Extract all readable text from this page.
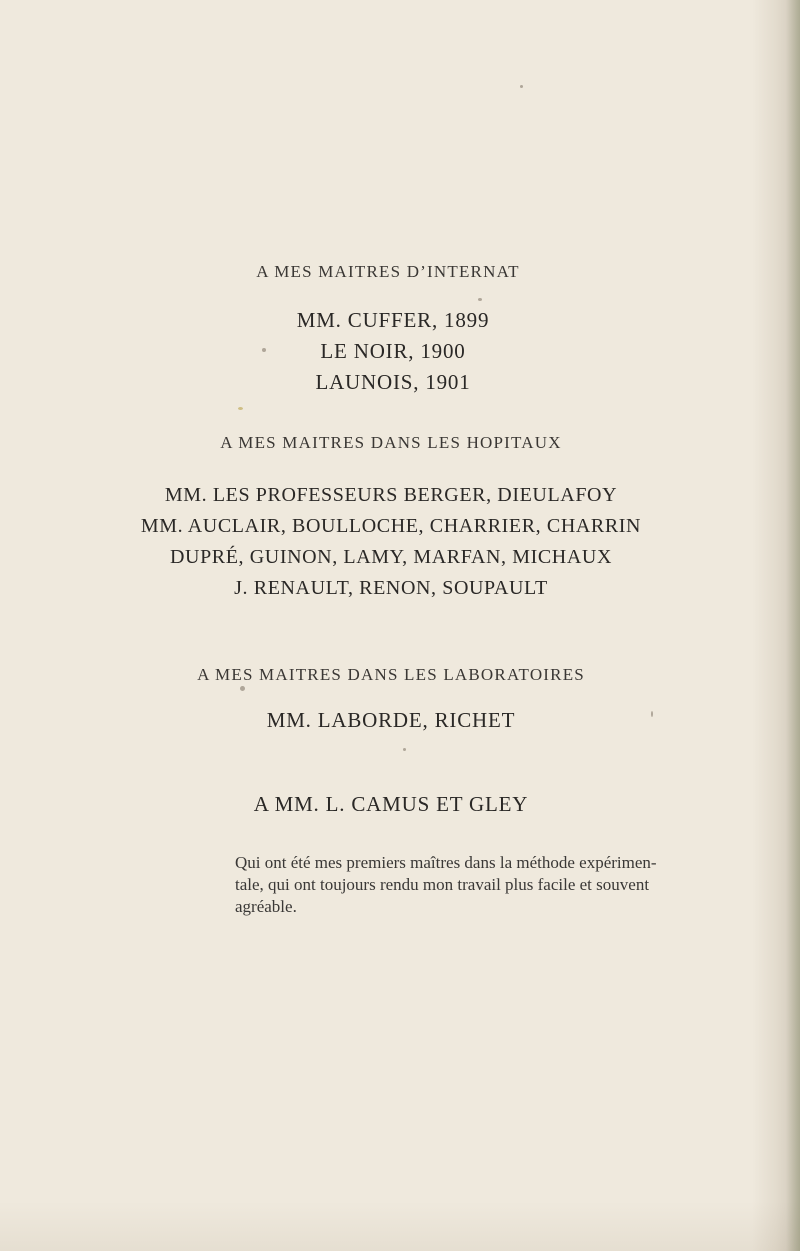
A MES MAITRES D’INTERNAT
MM. CUFFER, 1899
LE NOIR, 1900
LAUNOIS, 1901
A MES MAITRES DANS LES HOPITAUX
MM. LES PROFESSEURS BERGER, DIEULAFOY
MM. AUCLAIR, BOULLOCHE, CHARRIER, CHARRIN
DUPRÉ, GUINON, LAMY, MARFAN, MICHAUX
J. RENAULT, RENON, SOUPAULT
A MES MAITRES DANS LES LABORATOIRES
MM. LABORDE, RICHET
A MM. L. CAMUS ET GLEY
Qui ont été mes premiers maîtres dans la méthode expérimen-
tale, qui ont toujours rendu mon travail plus facile et souvent
agréable.
